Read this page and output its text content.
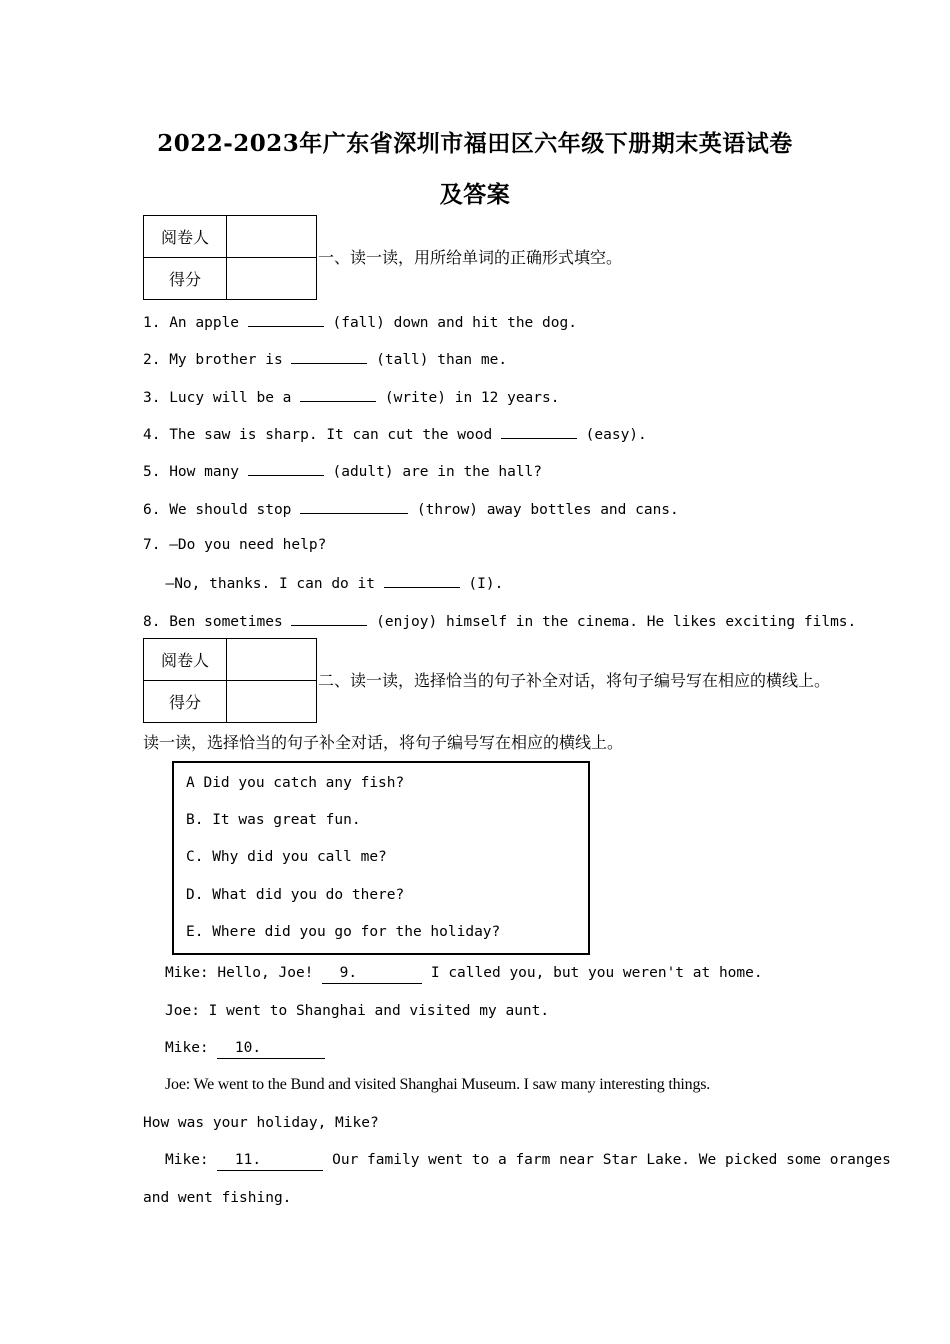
2022-2023年广东省深圳市福田区六年级下册期末英语试卷
及答案
阅卷人	
得分	
一、读一读，用所给单词的正确形式填空。
1. An apple	(fall) down and hit the dog.
2. My brother is	(tall) than me.
3. Lucy will be a	(write) in 12 years.
4. The saw is sharp. It can cut the wood	(easy).
5. How many	(adult) are in the hall?
6. We should stop	(throw) away bottles and cans.
7. —Do you need help?
—No, thanks. I can do it	(I).
8. Ben sometimes	(enjoy) himself in the cinema. He likes exciting films.
阅卷人	
得分	
二、读一读，选择恰当的句子补全对话，将句子编号写在相应的横线上。
读一读，选择恰当的句子补全对话，将句子编号写在相应的横线上。
A Did you catch any fish?
B. It was great fun.
C. Why did you call me?
D. What did you do there?
E. Where did you go for the holiday?
Mike: Hello, Joe!   9.	I called you, but you weren't at home.
Joe: I went to Shanghai and visited my aunt.
Mike:   10.
Joe: We went to the Bund and visited Shanghai Museum. I saw many interesting things.
How was your holiday, Mike?
Mike:   11.	Our family went to a farm near Star Lake. We picked some oranges
and went fishing.
